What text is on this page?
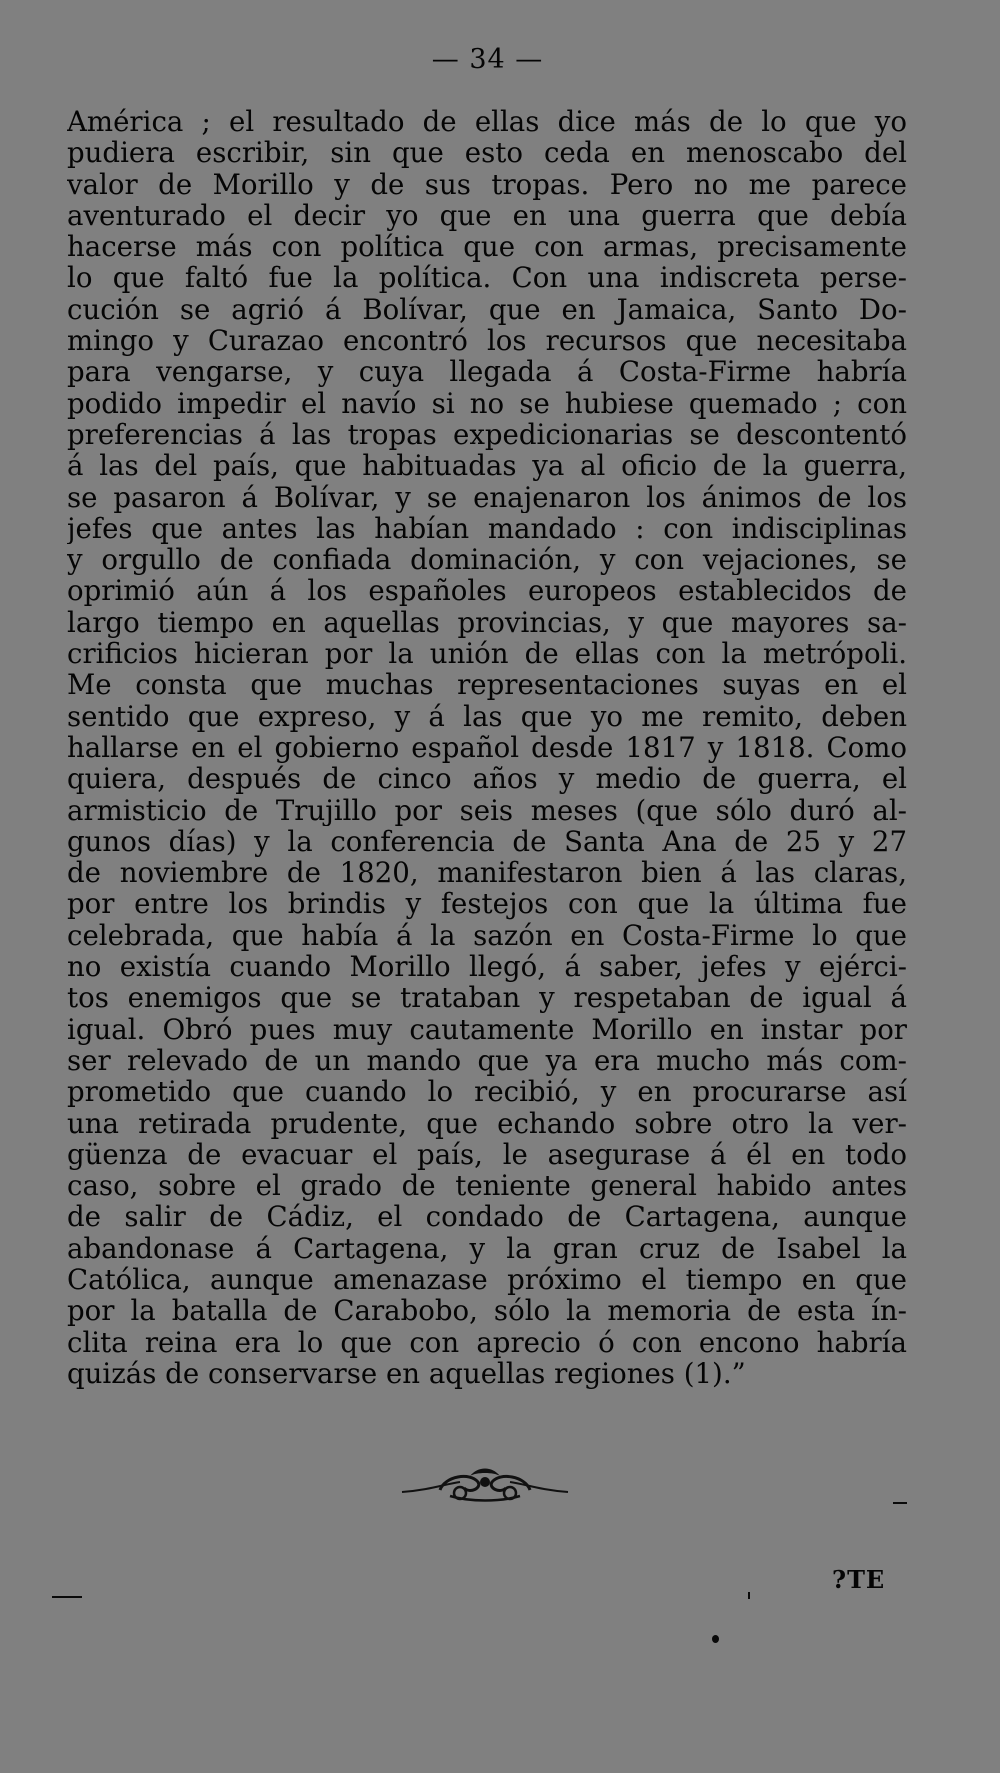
— 34 —
América ; el resultado de ellas dice más de lo que yo
pudiera escribir, sin que esto ceda en menoscabo del
valor de Morillo y de sus tropas. Pero no me parece
aventurado el decir yo que en una guerra que debía
hacerse más con política que con armas, precisamente
lo que faltó fue la política. Con una indiscreta perse-
cución se agrió á Bolívar, que en Jamaica, Santo Do-
mingo y Curazao encontró los recursos que necesitaba
para vengarse, y cuya llegada á Costa-Firme habría
podido impedir el navío si no se hubiese quemado ; con
preferencias á las tropas expedicionarias se descontentó
á las del país, que habituadas ya al oficio de la guerra,
se pasaron á Bolívar, y se enajenaron los ánimos de los
jefes que antes las habían mandado : con indisciplinas
y orgullo de confiada dominación, y con vejaciones, se
oprimió aún á los españoles europeos establecidos de
largo tiempo en aquellas provincias, y que mayores sa-
crificios hicieran por la unión de ellas con la metrópoli.
Me consta que muchas representaciones suyas en el
sentido que expreso, y á las que yo me remito, deben
hallarse en el gobierno español desde 1817 y 1818. Como
quiera, después de cinco años y medio de guerra, el
armisticio de Trujillo por seis meses (que sólo duró al-
gunos días) y la conferencia de Santa Ana de 25 y 27
de noviembre de 1820, manifestaron bien á las claras,
por entre los brindis y festejos con que la última fue
celebrada, que había á la sazón en Costa-Firme lo que
no existía cuando Morillo llegó, á saber, jefes y ejérci-
tos enemigos que se trataban y respetaban de igual á
igual. Obró pues muy cautamente Morillo en instar por
ser relevado de un mando que ya era mucho más com-
prometido que cuando lo recibió, y en procurarse así
una retirada prudente, que echando sobre otro la ver-
güenza de evacuar el país, le asegurase á él en todo
caso, sobre el grado de teniente general habido antes
de salir de Cádiz, el condado de Cartagena, aunque
abandonase á Cartagena, y la gran cruz de Isabel la
Católica, aunque amenazase próximo el tiempo en que
por la batalla de Carabobo, sólo la memoria de esta ín-
clita reina era lo que con aprecio ó con encono habría
quizás de conservarse en aquellas regiones (1).”
?TE
